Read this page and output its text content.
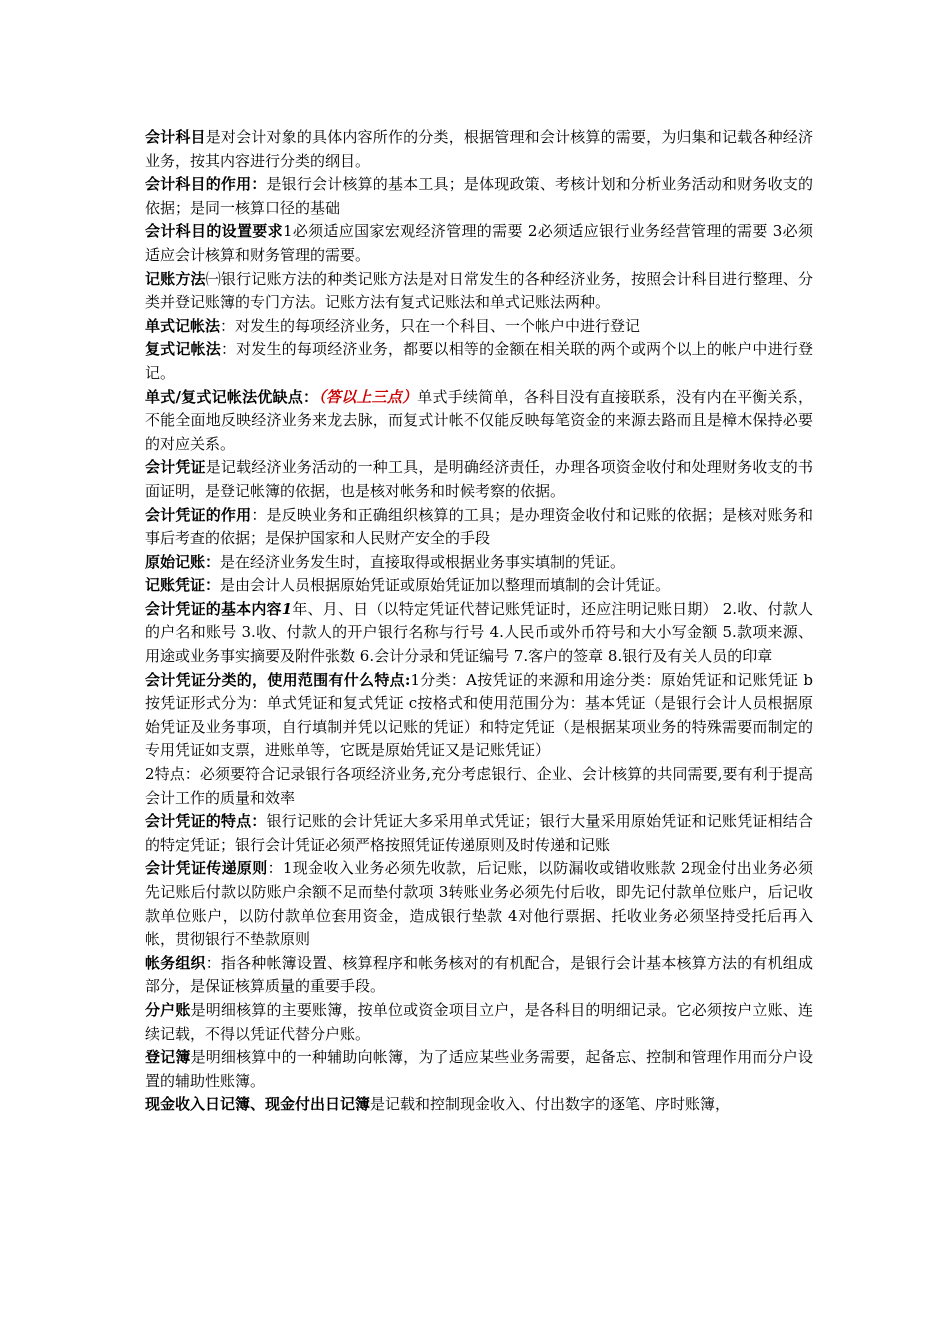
会计科目是对会计对象的具体内容所作的分类，根据管理和会计核算的需要，为归集和记载各种经济业务，按其内容进行分类的纲目。

会计科目的作用：是银行会计核算的基本工具；是体现政策、考核计划和分析业务活动和财务收支的依据；是同一核算口径的基础

会计科目的设置要求1必须适应国家宏观经济管理的需要 2必须适应银行业务经营管理的需要 3必须适应会计核算和财务管理的需要。

记账方法㈠银行记账方法的种类记账方法是对日常发生的各种经济业务，按照会计科目进行整理、分类并登记账簿的专门方法。记账方法有复式记账法和单式记账法两种。

单式记帐法：对发生的每项经济业务，只在一个科目、一个帐户中进行登记

复式记帐法：对发生的每项经济业务，都要以相等的金额在相关联的两个或两个以上的帐户中进行登记。

单式/复式记帐法优缺点：（答以上三点）单式手续简单，各科目没有直接联系，没有内在平衡关系，不能全面地反映经济业务来龙去脉，而复式计帐不仅能反映每笔资金的来源去路而且是樟木保持必要的对应关系。

会计凭证是记载经济业务活动的一种工具，是明确经济责任，办理各项资金收付和处理财务收支的书面证明，是登记帐簿的依据，也是核对帐务和时候考察的依据。

会计凭证的作用：是反映业务和正确组织核算的工具；是办理资金收付和记账的依据；是核对账务和事后考查的依据；是保护国家和人民财产安全的手段

原始记账：是在经济业务发生时，直接取得或根据业务事实填制的凭证。

记账凭证：是由会计人员根据原始凭证或原始凭证加以整理而填制的会计凭证。

会计凭证的基本内容1年、月、日（以特定凭证代替记账凭证时，还应注明记账日期） 2.收、付款人的户名和账号 3.收、付款人的开户银行名称与行号 4.人民币或外币符号和大小写金额 5.款项来源、用途或业务事实摘要及附件张数 6.会计分录和凭证编号 7.客户的签章 8.银行及有关人员的印章

会计凭证分类的，使用范围有什么特点:1分类：A按凭证的来源和用途分类：原始凭证和记账凭证 b按凭证形式分为：单式凭证和复式凭证 c按格式和使用范围分为：基本凭证（是银行会计人员根据原始凭证及业务事项，自行填制并凭以记账的凭证）和特定凭证（是根据某项业务的特殊需要而制定的专用凭证如支票，进账单等，它既是原始凭证又是记账凭证）

2特点：必须要符合记录银行各项经济业务,充分考虑银行、企业、会计核算的共同需要,要有利于提高会计工作的质量和效率

会计凭证的特点：银行记账的会计凭证大多采用单式凭证；银行大量采用原始凭证和记账凭证相结合的特定凭证；银行会计凭证必须严格按照凭证传递原则及时传递和记账

会计凭证传递原则：1现金收入业务必须先收款，后记账，以防漏收或错收账款 2现金付出业务必须先记账后付款以防账户余额不足而垫付款项 3转账业务必须先付后收，即先记付款单位账户，后记收款单位账户，以防付款单位套用资金，造成银行垫款 4对他行票据、托收业务必须坚持受托后再入帐，贯彻银行不垫款原则

帐务组织：指各种帐簿设置、核算程序和帐务核对的有机配合，是银行会计基本核算方法的有机组成部分，是保证核算质量的重要手段。

分户账是明细核算的主要账簿，按单位或资金项目立户，是各科目的明细记录。它必须按户立账、连续记载，不得以凭证代替分户账。

登记簿是明细核算中的一种辅助向帐簿，为了适应某些业务需要，起备忘、控制和管理作用而分户设置的辅助性账簿。

现金收入日记簿、现金付出日记簿是记载和控制现金收入、付出数字的逐笔、序时账簿，
